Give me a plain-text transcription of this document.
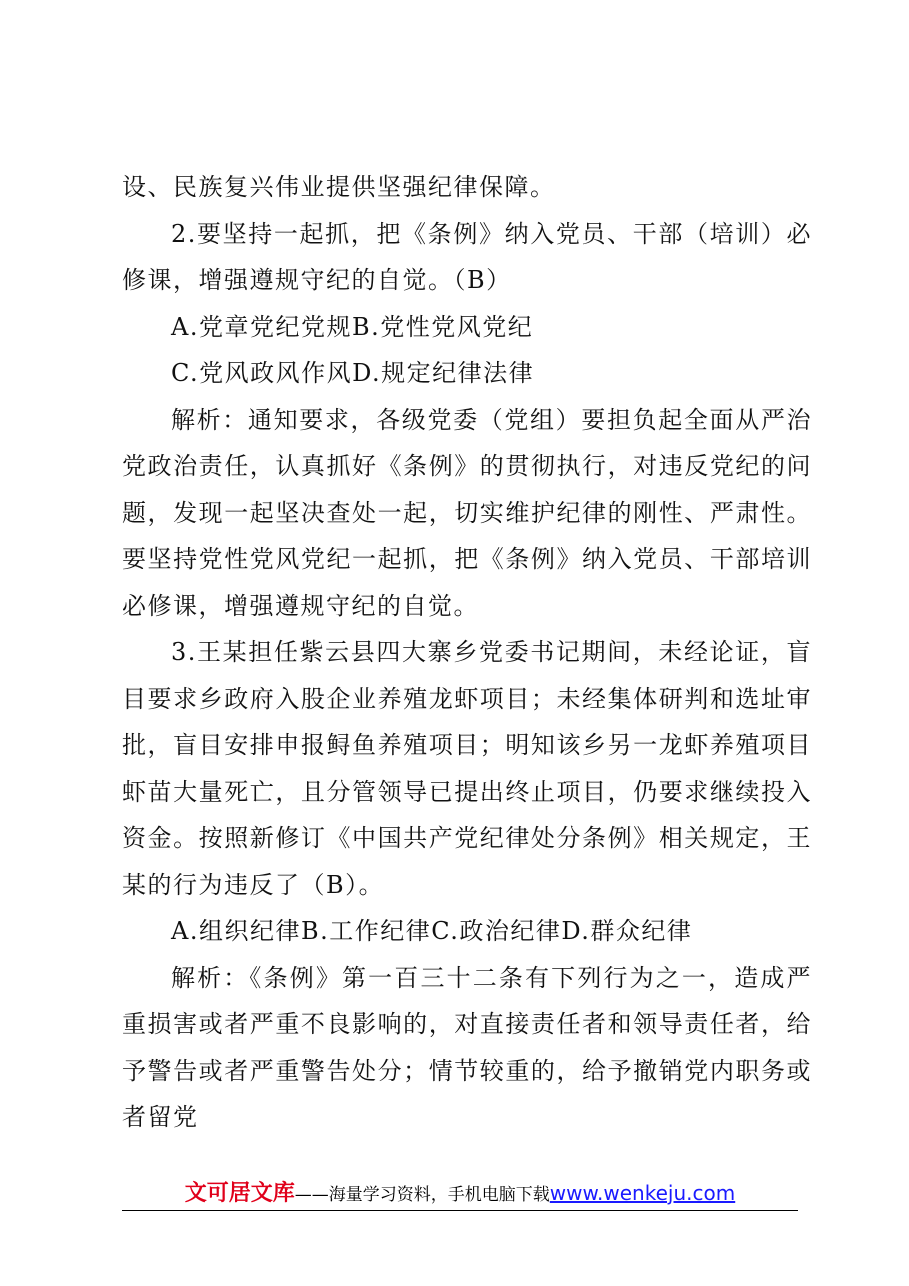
设、民族复兴伟业提供坚强纪律保障。

2.要坚持一起抓，把《条例》纳入党员、干部（培训）必修课，增强遵规守纪的自觉。（B）

A.党章党纪党规B.党性党风党纪

C.党风政风作风D.规定纪律法律

解析：通知要求，各级党委（党组）要担负起全面从严治党政治责任，认真抓好《条例》的贯彻执行，对违反党纪的问题，发现一起坚决查处一起，切实维护纪律的刚性、严肃性。要坚持党性党风党纪一起抓，把《条例》纳入党员、干部培训必修课，增强遵规守纪的自觉。

3.王某担任紫云县四大寨乡党委书记期间，未经论证，盲目要求乡政府入股企业养殖龙虾项目；未经集体研判和选址审批，盲目安排申报鲟鱼养殖项目；明知该乡另一龙虾养殖项目虾苗大量死亡，且分管领导已提出终止项目，仍要求继续投入资金。按照新修订《中国共产党纪律处分条例》相关规定，王某的行为违反了（B）。

A.组织纪律B.工作纪律C.政治纪律D.群众纪律

解析：《条例》第一百三十二条有下列行为之一，造成严重损害或者严重不良影响的，对直接责任者和领导责任者，给予警告或者严重警告处分；情节较重的，给予撤销党内职务或者留党

文可居文库——海量学习资料，手机电脑下载www.wenkeju.com
